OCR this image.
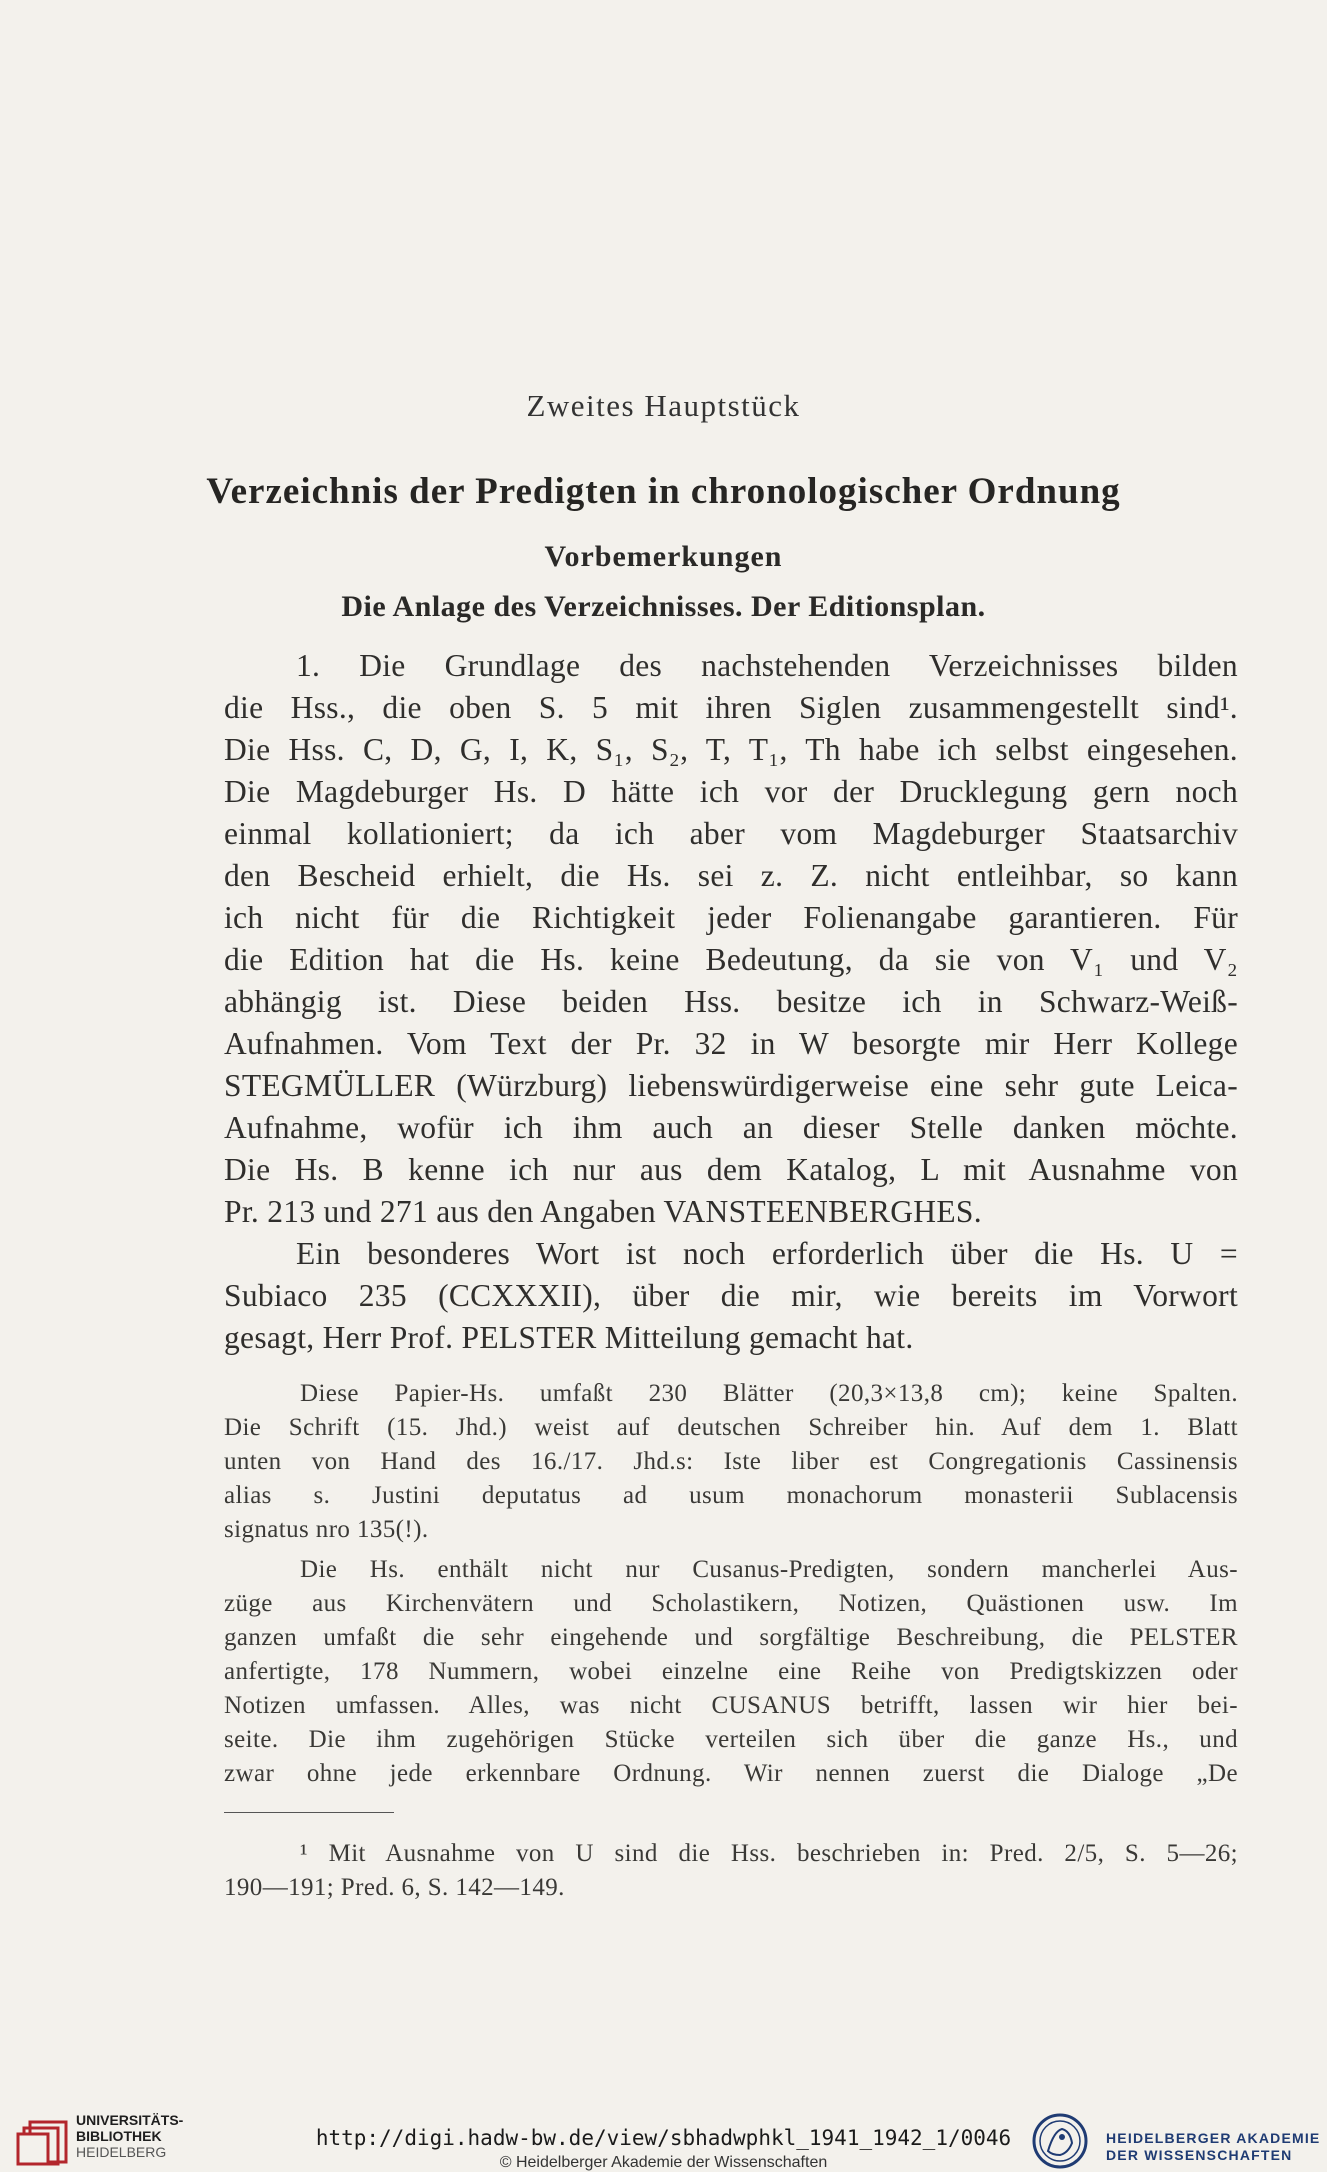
Zweites Hauptstück
Verzeichnis der Predigten in chronologischer Ordnung
Vorbemerkungen
Die Anlage des Verzeichnisses. Der Editionsplan.
1. Die Grundlage des nachstehenden Verzeichnisses bilden
die Hss., die oben S. 5 mit ihren Siglen zusammengestellt sind¹.
Die Hss. C, D, G, I, K, S₁, S₂, T, T₁, Th habe ich selbst eingesehen.
Die Magdeburger Hs. D hätte ich vor der Drucklegung gern noch
einmal kollationiert; da ich aber vom Magdeburger Staatsarchiv
den Bescheid erhielt, die Hs. sei z. Z. nicht entleihbar, so kann
ich nicht für die Richtigkeit jeder Folienangabe garantieren. Für
die Edition hat die Hs. keine Bedeutung, da sie von V₁ und V₂
abhängig ist. Diese beiden Hss. besitze ich in Schwarz-Weiß-
Aufnahmen. Vom Text der Pr. 32 in W besorgte mir Herr Kollege
STEGMÜLLER (Würzburg) liebenswürdigerweise eine sehr gute Leica-
Aufnahme, wofür ich ihm auch an dieser Stelle danken möchte.
Die Hs. B kenne ich nur aus dem Katalog, L mit Ausnahme von
Pr. 213 und 271 aus den Angaben VANSTEENBERGHES.
Ein besonderes Wort ist noch erforderlich über die Hs. U =
Subiaco 235 (CCXXXII), über die mir, wie bereits im Vorwort
gesagt, Herr Prof. PELSTER Mitteilung gemacht hat.
Diese Papier-Hs. umfaßt 230 Blätter (20,3×13,8 cm); keine Spalten.
Die Schrift (15. Jhd.) weist auf deutschen Schreiber hin. Auf dem 1. Blatt
unten von Hand des 16./17. Jhd.s: Iste liber est Congregationis Cassinensis
alias s. Justini deputatus ad usum monachorum monasterii Sublacensis
signatus nro 135(!).
Die Hs. enthält nicht nur Cusanus-Predigten, sondern mancherlei Aus-
züge aus Kirchenvätern und Scholastikern, Notizen, Quästionen usw. Im
ganzen umfaßt die sehr eingehende und sorgfältige Beschreibung, die PELSTER
anfertigte, 178 Nummern, wobei einzelne eine Reihe von Predigtskizzen oder
Notizen umfassen. Alles, was nicht CUSANUS betrifft, lassen wir hier bei-
seite. Die ihm zugehörigen Stücke verteilen sich über die ganze Hs., und
zwar ohne jede erkennbare Ordnung. Wir nennen zuerst die Dialoge „De
¹ Mit Ausnahme von U sind die Hss. beschrieben in: Pred. 2/5, S. 5—26;
190—191; Pred. 6, S. 142—149.
UNIVERSITÄTS-
BIBLIOTHEK
HEIDELBERG
http://digi.hadw-bw.de/view/sbhadwphkl_1941_1942_1/0046
© Heidelberger Akademie der Wissenschaften
HEIDELBERGER AKADEMIE
DER WISSENSCHAFTEN
